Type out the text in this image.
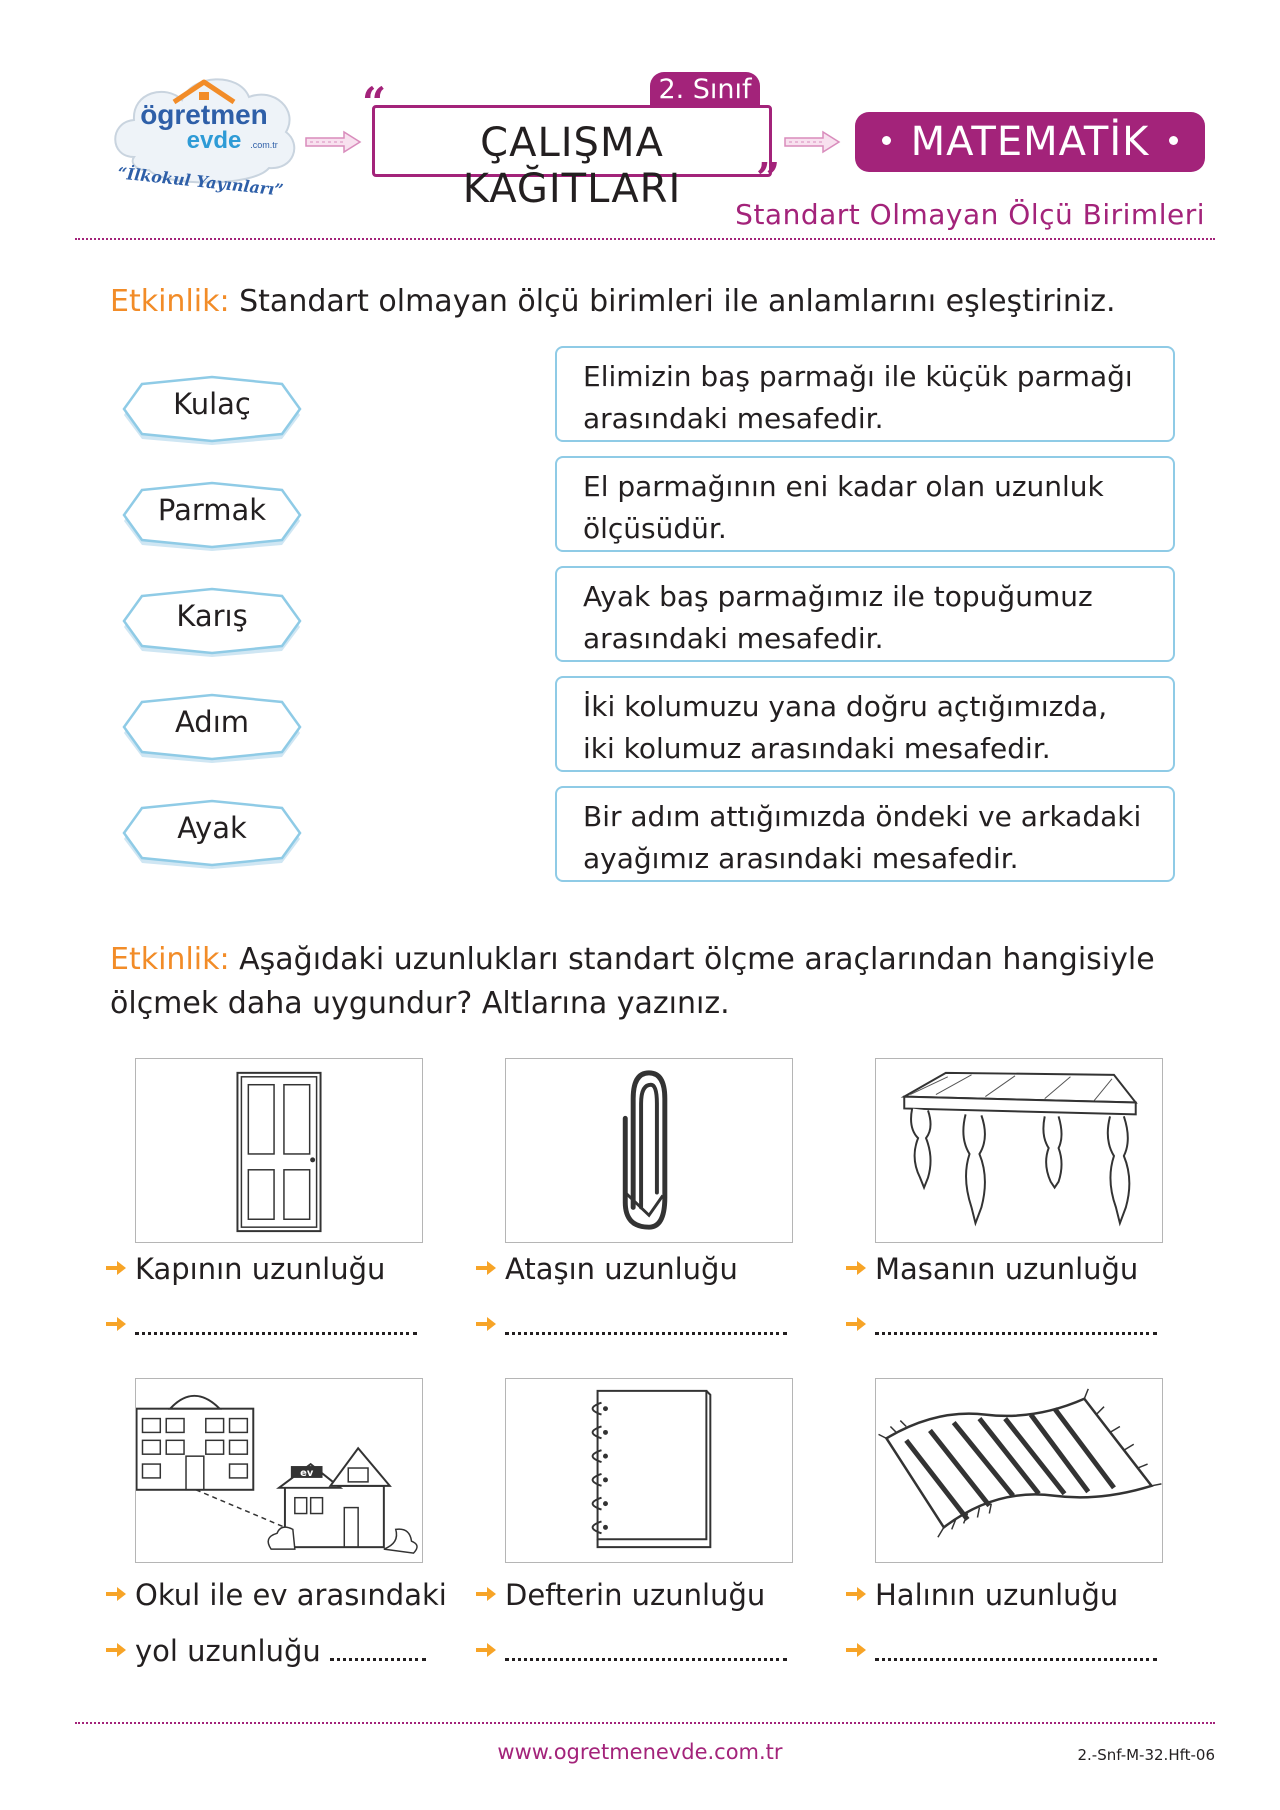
ögretmen
evde .com.tr
“İlkokul Yayınları”
2. Sınıf
“
ÇALIŞMA KAĞITLARI	”
MATEMATİK
Standart Olmayan Ölçü Birimleri
Etkinlik: Standart olmayan ölçü birimleri ile anlamlarını eşleştiriniz.
Kulaç
Parmak
Karış
Adım
Ayak
Elimizin baş parmağı ile küçük parmağı arasındaki mesafedir.
El parmağının eni kadar olan uzunluk ölçüsüdür.
Ayak baş parmağımız ile topuğumuz arasındaki mesafedir.
İki kolumuzu yana doğru açtığımızda, iki kolumuz arasındaki mesafedir.
Bir adım attığımızda öndeki ve arkadaki ayağımız arasındaki mesafedir.
Etkinlik: Aşağıdaki uzunlukları standart ölçme araçlarından hangisiyle
ölçmek daha uygundur? Altlarına yazınız.
Kapının uzunluğu	Ataşın uzunluğu	Masanın uzunluğu
ev
Okul ile ev arasındaki
yol uzunluğu
Defterin uzunluğu	Halının uzunluğu
www.ogretmenevde.com.tr	2.-Snf-M-32.Hft-06
